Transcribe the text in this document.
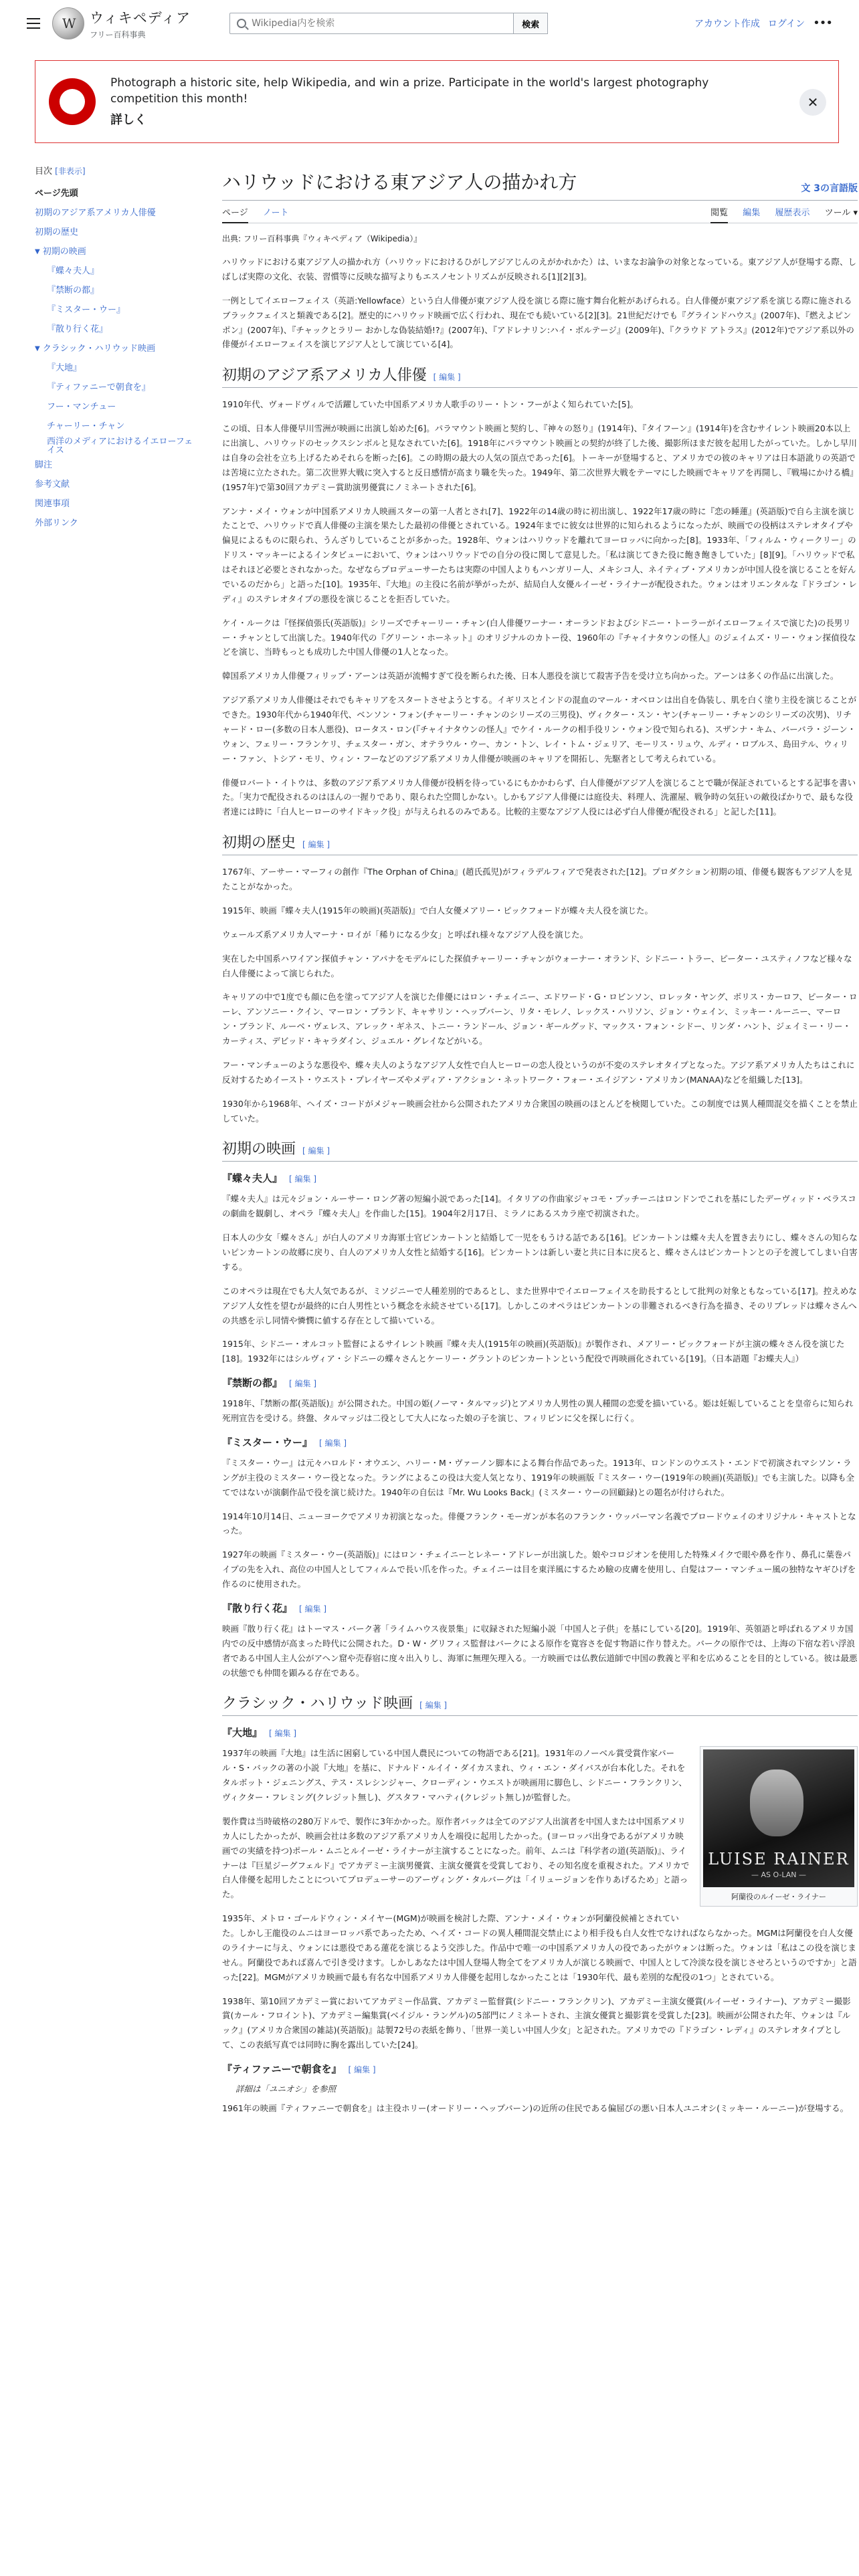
W
ウィキペディア
フリー百科事典
Wikipedia内を検索
検索	アカウント作成 ログイン •••
Photograph a historic site, help Wikipedia, and win a prize. Participate in the world's largest photography competition this month!
詳しく
✕
目次 [非表示]
ページ先頭
初期のアジア系アメリカ人俳優
初期の歴史
▼ 初期の映画
『蝶々夫人』
『禁断の都』
『ミスター・ウー』
『散り行く花』
▼ クラシック・ハリウッド映画
『大地』
『ティファニーで朝食を』
フー・マンチュー
チャーリー・チャン
西洋のメディアにおけるイエローフェイス
脚注
参考文献
関連事項
外部リンク
ハリウッドにおける東アジア人の描かれ方	文 3の言語版
ページ ノート	閲覧 編集 履歴表示 ツール ▾
出典: フリー百科事典『ウィキペディア（Wikipedia）』

ハリウッドにおける東アジア人の描かれ方（ハリウッドにおけるひがしアジアじんのえがかれかた）は、いまなお論争の対象となっている。東アジア人が登場する際、しばしば実際の文化、衣装、習慣等に反映な描写よりもエスノセントリズムが反映される[1][2][3]。

一例としてイエローフェイス（英語:Yellowface）という白人俳優が東アジア人役を演じる際に施す舞台化粧があげられる。白人俳優が東アジア系を演じる際に施されるブラックフェイスと類義である[2]。歴史的にハリウッド映画で広く行われ、現在でも続いている[2][3]。21世紀だけでも『グラインドハウス』(2007年)、『燃えよピンポン』(2007年)、『チャックとラリー おかしな偽装結婚!?』(2007年)、『アドレナリン:ハイ・ボルテージ』(2009年)、『クラウド アトラス』(2012年)でアジア系以外の俳優がイエローフェイスを演じアジア人として演じている[4]。

初期のアジア系アメリカ人俳優 [ 編集 ]

1910年代、ヴォードヴィルで活躍していた中国系アメリカ人歌手のリー・トン・フーがよく知られていた[5]。

この頃、日本人俳優早川雪洲が映画に出演し始めた[6]。パラマウント映画と契約し、『神々の怒り』(1914年)、『タイフーン』(1914年)を含むサイレント映画20本以上に出演し、ハリウッドのセックスシンボルと見なされていた[6]。1918年にパラマウント映画との契約が終了した後、撮影所ほまだ彼を起用したがっていた。しかし早川は自身の会社を立ち上げるためそれらを断った[6]。この時期の最大の人気の頂点であった[6]。トーキーが登場すると、アメリカでの彼のキャリアは日本語訛りの英語では苦境に立たされた。第二次世界大戦に突入すると反日感情が高まり職を失った。1949年、第二次世界大戦をテーマにした映画でキャリアを再開し、『戦場にかける橋』(1957年)で第30回アカデミー賞助演男優賞にノミネートされた[6]。

アンナ・メイ・ウォンが中国系アメリカ人映画スターの第一人者とされ[7]、1922年の14歳の時に初出演し、1922年17歳の時に『恋の睡蓮』(英語版)で自ら主演を演じたことで、ハリウッドで真人俳優の主演を果たした最初の俳優とされている。1924年までに彼女は世界的に知られるようになったが、映画での役柄はステレオタイプや偏見によるものに限られ、うんざりしていることが多かった。1928年、ウォンはハリウッドを離れてヨーロッパに向かった[8]。1933年、「フィルム・ウィークリー」のドリス・マッキーによるインタビューにおいて、ウォンはハリウッドでの自分の役に関して意見した。「私は演じてきた役に飽き飽きしていた」[8][9]。「ハリウッドで私はそれほど必要とされなかった。なぜならプロデューサーたちは実際の中国人よりもハンガリー人、メキシコ人、ネイティブ・アメリカンが中国人役を演じることを好んでいるのだから」と語った[10]。1935年、『大地』の主役に名前が挙がったが、結局白人女優ルイーゼ・ライナーが配役された。ウォンはオリエンタルな『ドラゴン・レディ』のステレオタイプの悪役を演じることを拒否していた。

ケイ・ルークは『怪探偵張氏(英語版)』シリーズでチャーリー・チャン(白人俳優ワーナー・オーランドおよびシドニー・トーラーがイエローフェイスで演じた)の長男リー・チャンとして出演した。1940年代の『グリーン・ホーネット』のオリジナルのカトー役、1960年の『チャイナタウンの怪人』のジェイムズ・リー・ウォン探偵役などを演じ、当時もっとも成功した中国人俳優の1人となった。

韓国系アメリカ人俳優フィリップ・アーンは英語が流暢すぎて役を断られた後、日本人悪役を演じて殺害予告を受け立ち向かった。アーンは多くの作品に出演した。

アジア系アメリカ人俳優はそれでもキャリアをスタートさせようとする。イギリスとインドの混血のマール・オベロンは出自を偽装し、肌を白く塗り主役を演じることができた。1930年代から1940年代、ベンソン・フォン(チャーリー・チャンのシリーズの三男役)、ヴィクター・スン・ヤン(チャーリー・チャンのシリーズの次男)、リチャード・ロー(多数の日本人悪役)、ロータス・ロン(『チャイナタウンの怪人』でケイ・ルークの相手役リン・ウォン役で知られる)、スザンナ・キム、バーバラ・ジーン・ウォン、フェリー・フランケリ、チェスター・ガン、オテラウル・ウー、カン・トン、レイ・トム・ジェリア、モーリス・リュウ、ルディ・ロブルス、島田テル、ウィリー・ファン、トシア・モリ、ウィン・フーなどのアジア系アメリカ人俳優が映画のキャリアを開拓し、先駆者として考えられている。

俳優ロバート・イトウは、多数のアジア系アメリカ人俳優が役柄を待っているにもかかわらず、白人俳優がアジア人を演じることで職が保証されているとする記事を書いた。「実力で配役されるのはほんの一握りであり、限られた空間しかない。しかもアジア人俳優には庭役夫、料理人、洗濯屋、戦争時の気狂いの敵役ばかりで、最もな役者達には時に「白人ヒーローのサイドキック役」が与えられるのみである。比較的主要なアジア人役には必ず白人俳優が配役される」と記した[11]。

初期の歴史 [ 編集 ]

1767年、アーサー・マーフィの創作『The Orphan of China』(趙氏孤児)がフィラデルフィアで発表された[12]。プロダクション初期の頃、俳優も観客もアジア人を見たことがなかった。

1915年、映画『蝶々夫人(1915年の映画)(英語版)』で白人女優メアリー・ピックフォードが蝶々夫人役を演じた。

ウェールズ系アメリカ人マーナ・ロイが「稀りになる少女」と呼ばれ様々なアジア人役を演じた。

実在した中国系ハワイアン探偵チャン・アパナをモデルにした探偵チャーリー・チャンがウォーナー・オランド、シドニー・トラー、ピーター・ユスティノフなど様々な白人俳優によって演じられた。

キャリアの中で1度でも顔に色を塗ってアジア人を演じた俳優にはロン・チェイニー、エドワード・G・ロビンソン、ロレッタ・ヤング、ボリス・カーロフ、ピーター・ローレ、アンソニー・クイン、マーロン・ブランド、キャサリン・ヘップバーン、リタ・モレノ、レックス・ハリソン、ジョン・ウェイン、ミッキー・ルーニー、マーロン・ブランド、ルーベ・ヴェレス、アレック・ギネス、トニー・ランドール、ジョン・ギールグッド、マックス・フォン・シドー、リンダ・ハント、ジェイミー・リー・カーティス、デビッド・キャラダイン、ジュエル・グレイなどがいる。

フー・マンチューのような悪役や、蝶々夫人のようなアジア人女性で白人ヒーローの恋人役というのが不変のステレオタイプとなった。アジア系アメリカ人たちはこれに反対するためイースト・ウエスト・プレイヤーズやメディア・アクション・ネットワーク・フォー・エイジアン・アメリカン(MANAA)などを組織した[13]。

1930年から1968年、ヘイズ・コードがメジャー映画会社から公開されたアメリカ合衆国の映画のほとんどを検閲していた。この制度では異人種間混交を描くことを禁止していた。

初期の映画 [ 編集 ]
『蝶々夫人』 [ 編集 ]

『蝶々夫人』は元々ジョン・ルーサー・ロング著の短編小説であった[14]。イタリアの作曲家ジャコモ・プッチーニはロンドンでこれを基にしたデーヴィッド・ベラスコの劇曲を観劇し、オペラ『蝶々夫人』を作曲した[15]。1904年2月17日、ミラノにあるスカラ座で初演された。

日本人の少女「蝶々さん」が白人のアメリカ海軍士官ピンカートンと結婚して一児をもうける話である[16]。ピンカートンは蝶々夫人を置き去りにし、蝶々さんの知らないピンカートンの故郷に戻り、白人のアメリカ人女性と結婚する[16]。ピンカートンは新しい妻と共に日本に戻ると、蝶々さんはピンカートンとの子を渡してしまい自害する。

このオペラは現在でも大人気であるが、ミソジニーで人種差別的であるとし、また世界中でイエローフェイスを助長するとして批判の対象ともなっている[17]。控えめなアジア人女性を望むが最終的に白人男性という概念を永続させている[17]。しかしこのオペラはピンカートンの非難されるべき行為を描き、そのリプレッドは蝶々さんへの共感を示し同情や憐憫に値する存在として描いている。

1915年、シドニー・オルコット監督によるサイレント映画『蝶々夫人(1915年の映画)(英語版)』が製作され、メアリー・ピックフォードが主演の蝶々さん役を演じた[18]。1932年にはシルヴィア・シドニーの蝶々さんとケーリー・グラントのピンカートンという配役で再映画化されている[19]。（日本語題『お蝶夫人』）

『禁断の都』 [ 編集 ]

1918年、『禁断の都(英語版)』が公開された。中国の姫(ノーマ・タルマッジ)とアメリカ人男性の異人種間の恋愛を描いている。姫は妊娠していることを皇帝らに知られ死刑宣告を受ける。終盤、タルマッジは二役として大人になった娘の子を演じ、フィリピンに父を探しに行く。

『ミスター・ウー』 [ 編集 ]

『ミスター・ウー』は元々ハロルド・オウエン、ハリー・M・ヴァーノン脚本による舞台作品であった。1913年、ロンドンのウエスト・エンドで初演されマシソン・ラングが主役のミスター・ウー役となった。ラングによるこの役は大変人気となり、1919年の映画版『ミスター・ウー(1919年の映画)(英語版)』でも主演した。以降も全てではないが演劇作品で役を演じ続けた。1940年の自伝は『Mr. Wu Looks Back』(ミスター・ウーの回顧録)との題名が付けられた。

1914年10月14日、ニューヨークでアメリカ初演となった。俳優フランク・モーガンが本名のフランク・ウッパーマン名義でブロードウェイのオリジナル・キャストとなった。

1927年の映画『ミスター・ウー(英語版)』にはロン・チェイニーとレネー・アドレーが出演した。娘やコロジオンを使用した特殊メイクで眼や鼻を作り、鼻孔に葉巻パイプの先を入れ、高位の中国人としてフィルムで長い爪を作った。チェイニーは目を東洋風にするため瞼の皮膚を使用し、白髪はフー・マンチュー風の独特なヤギひげを作るのに使用された。

『散り行く花』 [ 編集 ]

映画『散り行く花』はトーマス・バーク著「ライムハウス夜景集」に収録された短編小説「中国人と子供」を基にしている[20]。1919年、英領語と呼ばれるアメリカ国内での反中感情が高まった時代に公開された。D・W・グリフィス監督はバークによる原作を寛容さを促す物語に作り替えた。バークの原作では、上海の下宿な若い浮浪者である中国人主人公がアヘン窟や売春宿に度々出入りし、海軍に無理矢理入る。一方映画では仏教伝道師で中国の教義と平和を広めることを目的としている。彼は最悪の状態でも仲間を顕みる存在である。

クラシック・ハリウッド映画 [ 編集 ]
『大地』 [ 編集 ]
LUISE RAINER
— AS O-LAN —
阿蘭役のルイーゼ・ライナー

1937年の映画『大地』は生活に困窮している中国人農民についての物語である[21]。1931年のノーベル賞受賞作家パール・S・バックの著の小説『大地』を基に、ドナルド・ルイイ・ダイカスまれ、ウィ・エン・ダイバスが台本化した。それをタルボット・ジェニングス、テス・スレシンジャー、クローディン・ウエストが映画用に脚色し、シドニー・フランクリン、ヴィクター・フレミング(クレジット無し)、グスタフ・マハティ(クレジット無し)が監督した。

製作費は当時破格の280万ドルで、製作に3年かかった。原作者バックは全てのアジア人出演者を中国人または中国系アメリカ人にしたかったが、映画会社は多数のアジア系アメリカ人を端役に起用したかった。(ヨーロッパ出身であるがアメリカ映画での実績を持つ)ポール・ムニとルイーゼ・ライナーが主演することになった。前年、ムニは『科学者の道(英語版)』、ライナーは『巨星ジーグフェルド』でアカデミー主演男優賞、主演女優賞を受賞しており、その知名度を重視された。アメリカで白人俳優を起用したことについてプロデューサーのアーヴィング・タルバーグは「イリュージョンを作りあげるため」と語った。

1935年、メトロ・ゴールドウィン・メイヤー(MGM)が映画を検討した際、アンナ・メイ・ウォンが阿蘭役候補とされていた。しかし王龍役のムニはヨーロッパ系であったため、ヘイズ・コードの異人種間混交禁止により相手役も白人女性でなければならなかった。MGMは阿蘭役を白人女優のライナーに与え、ウォンには悪役である蓮花を演じるよう交渉した。作品中で唯一の中国系アメリカ人の役であったがウォンは断った。ウォンは「私はこの役を演じません。阿蘭役であれば喜んで引き受けます。しかしあなたは中国人登場人物全てをアメリカ人が演じる映画で、中国人として冷淡な役を演じさせろというのですか」と語った[22]。MGMがアメリカ映画で最も有名な中国系アメリカ人俳優を起用しなかったことは「1930年代、最も差別的な配役の1つ」とされている。

1938年、第10回アカデミー賞においてアカデミー作品賞、アカデミー監督賞(シドニー・フランクリン)、アカデミー主演女優賞(ルイーゼ・ライナー)、アカデミー撮影賞(カール・フロイント)、アカデミー編集賞(ベイジル・ランゲル)の5部門にノミネートされ、主演女優賞と撮影賞を受賞した[23]。映画が公開された年、ウォンは『ルック』(アメリカ合衆国の雑誌)(英語版)』誌製72号の表紙を飾り、「世界一美しい中国人少女」と記された。アメリカでの『ドラゴン・レディ』のステレオタイプとして、この表紙写真では同時に胸を露出していた[24]。

『ティファニーで朝食を』 [ 編集 ]
詳細は「ユニオシ」を参照

1961年の映画『ティファニーで朝食を』は主役ホリー(オードリー・ヘップバーン)の近所の住民である偏屈びの悪い日本人ユニオシ(ミッキー・ルーニー)が登場する。
